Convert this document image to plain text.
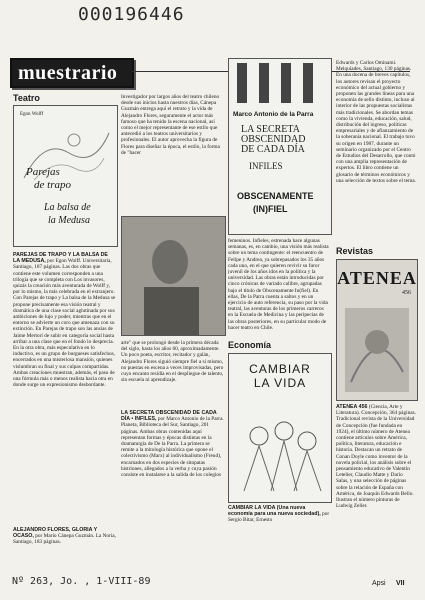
000196446
muestrario
Teatro
Egon Wolff
Parejas
de trapo
La balsa de
la Medusa
PAREJAS DE TRAPO Y LA BALSA DE LA MEDUSA, por Egon Wolff. Universitaria, Santiago, 187 páginas. Las dos obras que contiene este volumen corresponden a una trilogía que se completa con Los invasores, quizás la creación más aventurada de Wolff y, por lo mismo, la más celebrada en el extranjero. Con Parejas de trapo y La balsa de la Medusa se propone precisamente esa visión teatral y dramática de una clase social aglutinada por sus ambiciones de lujo y poder, mientras que en el entorno se advierte un coro que amenaza con su extinción. En Parejas de trapo son las ansias de Jaime Mertorí de subir en categoría social hasta arribar a una clase que en el fondo lo desprecia. En la otra obra, más especulativa en lo inductivo, es un grupo de burgueses satisfechos, encerrados en una misteriosa mansión, quienes vislumbran su final y sus culpas compartidas. Ambas creaciones muestran, además, el paso de una fórmula más o menos realista hacia otra en donde surge un expresionismo desbordante.
ALEJANDRO FLORES, GLORIA Y OCASO, por Mario Cánepa Guzmán. La Noria, Santiago, 183 páginas.
Investigador por largos años del teatro chileno desde sus inicios hasta nuestros días, Cánepa Guzmán entrega aquí el retrato y la vida de Alejandro Flores, seguramente el actor más famoso que ha tenido la escena nacional, así como el mejor representante de ese estilo que antecedió a los teatros universitarios y profesionales. El autor aprovecha la figura de Flores para diseñar la época, el estilo, la forma de "hacer
arte" que se prolongó desde la primera década del siglo, hasta los años 60, aproximadamente. Un poco poeta, escritor, recitador y galán, Alejandro Flores siguió siempre fiel a sí mismo, no puestas en escena a veces improvisadas, pero cuyo encanto residía en el despliegue de talento, sin escuela ni aprendizaje.
LA SECRETA OBSCENIDAD DE CADA DÍA • INFILES, por Marco Antonio de la Parra. Planeta, Biblioteca del Sur, Santiago, 201 páginas. Ambas obras contenidas aquí representan formas y épocas distintas en la dramaturgia de De la Parra. La primera se remite a la mitología histórica que opone el colectivismo (Marx) al individualismo (Freud), encarnados en dos especies de sitopatas histriones, allegados a la verba y cuya pasión consiste en instalarse a la salida de los colegios
Marco Antonio de la Parra
LA SECRETA
OBSCENIDAD
DE CADA DÍA
INFILES
OBSCENAMENTE
(IN)FIEL
femeninos. Infieles, estrenada hace algunas semanas, es, en cambio, una visión más realista sobre un tema contingente: el reencuentro de Felipe y Andrea, ya sobrepasados los 35 años cada uno, en el que quieren revivir su furor juvenil de los años idos en la política y la universidad. Las obras están introducidas por cinco crónicas de variado calibre, agrupadas bajo el título de Obscenamente In(fiel). En ellas, De la Parra cuenta a saltos y en un ejercicio de auto referencia, su paso por la vida teatral, las aventuras de los primeros carreros en la Escuela de Medicina y las peripecias de las obras posteriores, en su particular modo de hacer teatro en Chile.
Economía
CAMBIAR
LA VIDA
CAMBIAR LA VIDA (Una nueva economía para una nueva sociedad), por Sergio Bitar, Ernesto
Edwards y Carlos Ominami. Melquíades, Santiago, 130 páginas. En una docena de breves capítulos, los autores revisan el proyecto económico del actual gobierno y proponen las grandes líneas para una economía de sello distinto, incluso al interior de las propuestas socialistas más tradicionales. Se abordan temas como la vivienda, educación, salud, distribución del ingreso, políticas empresariales y de afianzamiento de la soberanía nacional. El trabajo tuvo su origen en 1987, durante un seminario organizado por el Centro de Estudios del Desarrollo, que contó con una amplia representación de expertos. El libro contiene un glosario de términos económicos y una selección de textos sobre el tema.
Revistas
ATENEA
456
ATENEA 456 (Ciencia, Arte y Literatura). Concepción, 364 páginas. Tradicional revista de la Universidad de Concepción (fue fundada en 1924), el último número de Atenea contiene artículos sobre América, política, literatura, educación e historia. Destacan un retrato de Conan Doyle como inventor de la novela policial, los análisis sobre el pensamiento educativo de Valentín Letelier, Claudio Matte y Darío Salas, y una selección de páginas sobre la relación de España con América, de Joaquín Edwards Bello. Ilustran el número pinturas de Ludwig Zeller.
Nº 263, Jo. , 1-VIII-89	Apsi VII
